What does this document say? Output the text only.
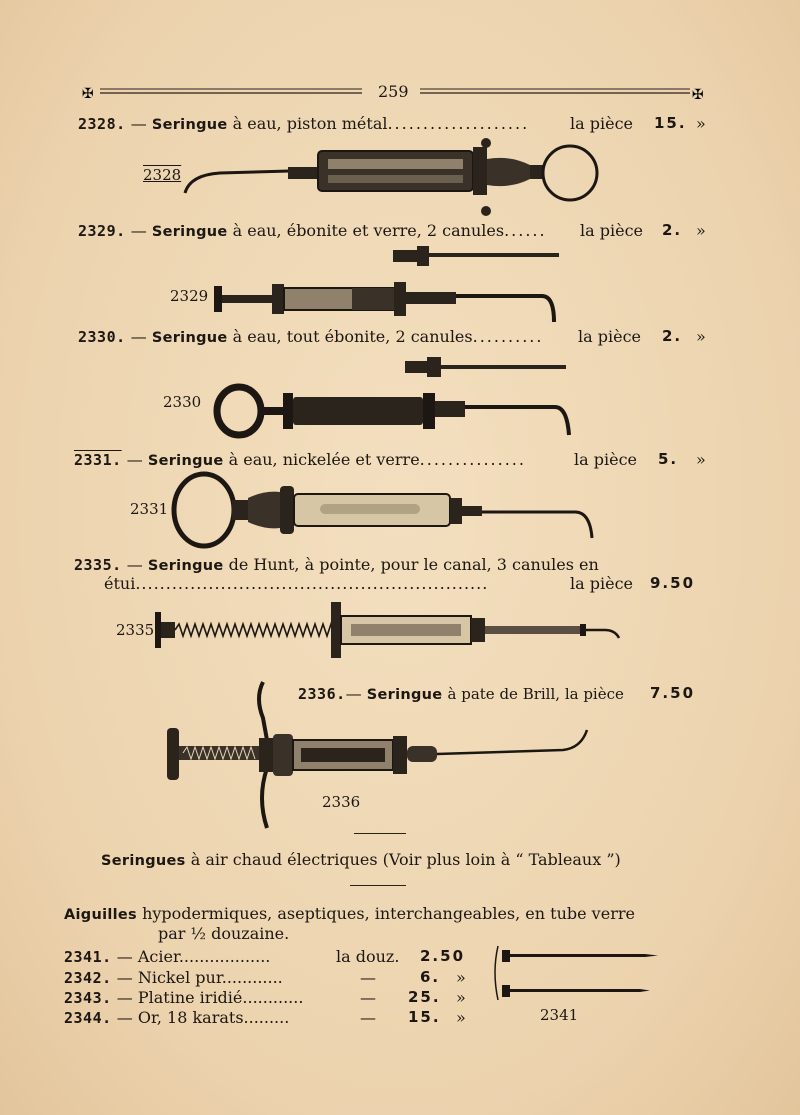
✠	✠
259
2328. — Seringue à eau, piston métal....................	la pièce 15. »
2328
2329. — Seringue à eau, ébonite et verre, 2 canules...... la pièce 2. »
2329
2330. — Seringue à eau, tout ébonite, 2 canules.......... la pièce 2. »
2330
2331. — Seringue à eau, nickelée et verre...............	la pièce 5. »
2331
2335. — Seringue de Hunt, à pointe, pour le canal, 3 canules en
étui..........................................................	la pièce 9.50
2335
2336.— Seringue à pate de Brill, la pièce 7.50
2336
Seringues à air chaud électriques (Voir plus loin à “ Tableaux ”)
Aiguilles hypodermiques, aseptiques, interchangeables, en tube verre
par ½ douzaine.
2341. — Acier..................	la douz. 2.50
2342. — Nickel pur............	—	6. »
2343. — Platine iridié............	— 25. »
2344. — Or, 18 karats.........	— 15. »	2341
